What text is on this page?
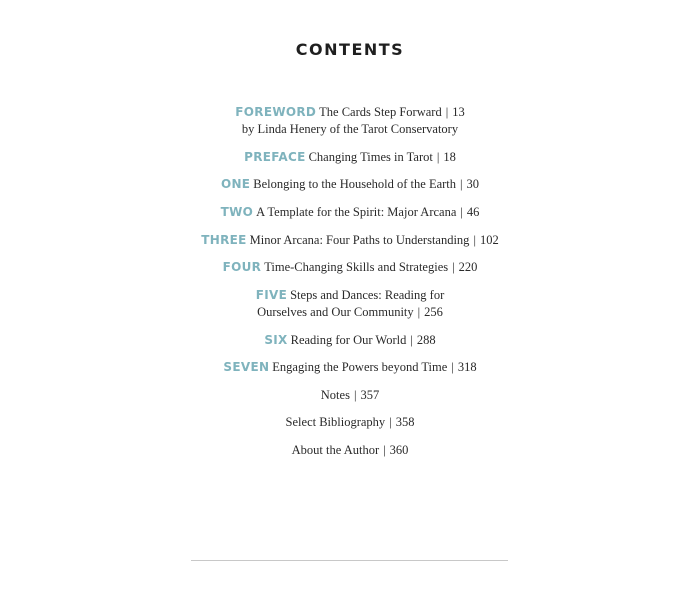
CONTENTS
FOREWORD The Cards Step Forward | 13
by Linda Henery of the Tarot Conservatory
PREFACE Changing Times in Tarot | 18
ONE Belonging to the Household of the Earth | 30
TWO A Template for the Spirit: Major Arcana | 46
THREE Minor Arcana: Four Paths to Understanding | 102
FOUR Time-Changing Skills and Strategies | 220
FIVE Steps and Dances: Reading for
Ourselves and Our Community | 256
SIX Reading for Our World | 288
SEVEN Engaging the Powers beyond Time | 318
Notes | 357
Select Bibliography | 358
About the Author | 360
